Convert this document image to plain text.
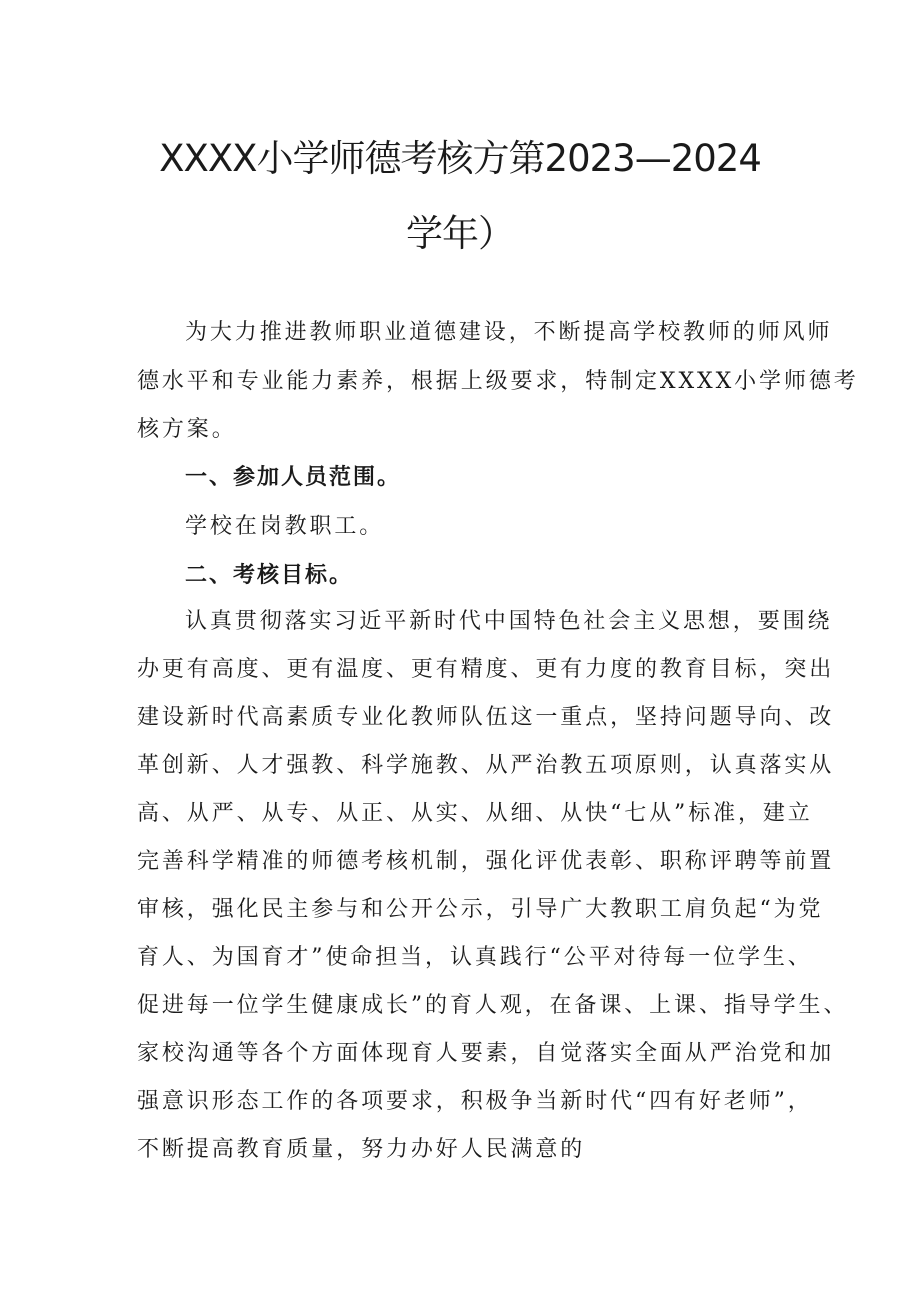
XXXX小学师德考核方第2023—2024
学年）
为大力推进教师职业道德建设，不断提高学校教师的师风师
德水平和专业能力素养，根据上级要求，特制定XXXX小学师德考
核方案。
一、参加人员范围。
学校在岗教职工。
二、考核目标。
认真贯彻落实习近平新时代中国特色社会主义思想，要围绕
办更有高度、更有温度、更有精度、更有力度的教育目标，突出
建设新时代高素质专业化教师队伍这一重点，坚持问题导向、改
革创新、人才强教、科学施教、从严治教五项原则，认真落实从
高、从严、从专、从正、从实、从细、从快“七从”标准，建立
完善科学精准的师德考核机制，强化评优表彰、职称评聘等前置
审核，强化民主参与和公开公示，引导广大教职工肩负起“为党
育人、为国育才”使命担当，认真践行“公平对待每一位学生、
促进每一位学生健康成长”的育人观，在备课、上课、指导学生、
家校沟通等各个方面体现育人要素，自觉落实全面从严治党和加
强意识形态工作的各项要求，积极争当新时代“四有好老师”，
不断提高教育质量，努力办好人民满意的
